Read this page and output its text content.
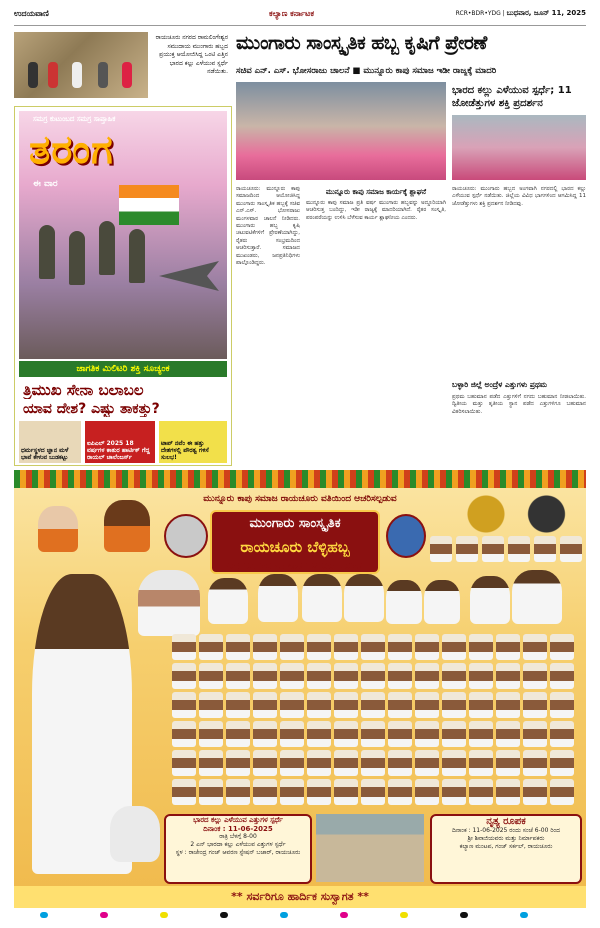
ಉದಯವಾಣಿ	ಕಲ್ಯಾಣ ಕರ್ನಾಟಕ	RCR•BDR•YDG | ಬುಧವಾರ, ಜೂನ್ 11, 2025
ರಾಯಚೂರು ನಗರದ ರಾಮಲಿಂಗೇಶ್ವರ ಸಮುದಾಯ ಮುಂಗಾರು ಹಬ್ಬದ ಪ್ರಯುಕ್ತ ಆಯೋಜಿಸಿದ್ದ ಒಂಟಿ ಎತ್ತಿನ ಭಾರದ ಕಲ್ಲು ಎಳೆಯುವ ಸ್ಪರ್ಧೆ ನಡೆಯಿತು.
ಮುಂಗಾರು ಸಾಂಸ್ಕೃತಿಕ ಹಬ್ಬ ಕೃಷಿಗೆ ಪ್ರೇರಣೆ
ಸಚಿವ ಎನ್. ಎಸ್. ಭೋಸರಾಜು ಚಾಲನೆ ■ ಮುನ್ನೂರು ಕಾಪು ಸಮಾಜ ಇಡೀ ರಾಜ್ಯಕ್ಕೆ ಮಾದರಿ
ಭಾರದ ಕಲ್ಲು ಎಳೆಯುವ ಸ್ಪರ್ಧೆ; 11 ಜೋಡೆತ್ತುಗಳ ಶಕ್ತಿ ಪ್ರದರ್ಶನ
ರಾಯಚೂರು: ಮುನ್ನೂರು ಕಾಪು ಸಮಾಜದಿಂದ ಆಯೋಜಿಸಿದ್ದ ಮುಂಗಾರು ಸಾಂಸ್ಕೃತಿಕ ಹಬ್ಬಕ್ಕೆ ಸಚಿವ ಎನ್.ಎಸ್. ಭೋಸರಾಜು ಮಂಗಳವಾರ ಚಾಲನೆ ನೀಡಿದರು. ಮುಂಗಾರು ಹಬ್ಬ ಕೃಷಿ ಚಟುವಟಿಕೆಗಳಿಗೆ ಪ್ರೇರಣೆಯಾಗಿದ್ದು, ರೈತರು ಸಂಭ್ರಮದಿಂದ ಆಚರಿಸುತ್ತಾರೆ. ಸಮಾಜದ ಮುಖಂಡರು, ಜನಪ್ರತಿನಿಧಿಗಳು ಪಾಲ್ಗೊಂಡಿದ್ದರು.
ಮುನ್ನೂರು ಕಾಪು ಸಮಾಜ ಕಾರ್ಯಕ್ಕೆ ಶ್ಲಾಘನೆ
ಮುನ್ನೂರು ಕಾಪು ಸಮಾಜ ಪ್ರತಿ ವರ್ಷ ಮುಂಗಾರು ಹಬ್ಬವನ್ನು ಅದ್ದೂರಿಯಾಗಿ ಆಚರಿಸುತ್ತ ಬಂದಿದ್ದು, ಇಡೀ ರಾಜ್ಯಕ್ಕೆ ಮಾದರಿಯಾಗಿದೆ. ರೈತರ ಸಂಸ್ಕೃತಿ, ಪರಂಪರೆಯನ್ನು ಉಳಿಸಿ ಬೆಳೆಸುವ ಕಾರ್ಯ ಶ್ಲಾಘನೀಯ ಎಂದರು.
ರಾಯಚೂರು: ಮುಂಗಾರು ಹಬ್ಬದ ಅಂಗವಾಗಿ ನಗರದಲ್ಲಿ ಭಾರದ ಕಲ್ಲು ಎಳೆಯುವ ಸ್ಪರ್ಧೆ ನಡೆಯಿತು. ಜಿಲ್ಲೆಯ ವಿವಿಧ ಭಾಗಗಳಿಂದ ಆಗಮಿಸಿದ್ದ 11 ಜೋಡೆತ್ತುಗಳು ಶಕ್ತಿ ಪ್ರದರ್ಶನ ನೀಡಿದವು.
ಬಳ್ಳಾರಿ ಜಿಲ್ಲೆ ಅಂದ್ರೆಳ ಎತ್ತುಗಳು ಪ್ರಥಮ
ಪ್ರಥಮ ಬಹುಮಾನ ಪಡೆದ ಎತ್ತುಗಳಿಗೆ ನಗದು ಬಹುಮಾನ ನೀಡಲಾಯಿತು. ದ್ವಿತೀಯ ಮತ್ತು ತೃತೀಯ ಸ್ಥಾನ ಪಡೆದ ಎತ್ತುಗಳಿಗೂ ಬಹುಮಾನ ವಿತರಿಸಲಾಯಿತು.
ಸಮಗ್ರ ಕುಟುಂಬದ ಸಮಗ್ರ ಸಾಪ್ತಾಹಿಕ
ತರಂಗ
ಈ ವಾರ
ಜಾಗತಿಕ ಮಿಲಿಟರಿ ಶಕ್ತಿ ಸೂಚ್ಯಂಕ
ತ್ರಿಮುಖ ಸೇನಾ ಬಲಾಬಲ
ಯಾವ ದೇಶ? ಎಷ್ಟು ತಾಕತ್ತು?
ಧರ್ಮಸ್ಥಳದ ಜ್ಞಾನ ಮಳೆ ಭಾಪೆ ಕೇಳುವ ಬುಡಕಟ್ಟು
ಐಪಿಎಲ್ 2025 18 ವರ್ಷಗಳ ಕಾತುರ ಹಾರ್ಟಿಕ್ ಗೆದ್ದ ರಾಯಲ್ ಚಾಲೆಂಜರ್ಸ್
ಟಾಪ್ ನವೆಂ ಈ ಹತ್ತು ದೇಶಗಳಲ್ಲಿ ಪೌರತ್ವ ಗಳಿಸೆ ಸುಲಭ!
ಮುನ್ನೂರು ಕಾಪು ಸಮಾಜ ರಾಯಚೂರು ವತಿಯಿಂದ ಆಚರಿಸಲ್ಪಡುವ
ಮುಂಗಾರು ಸಾಂಸ್ಕೃತಿಕ
ರಾಯಚೂರು ಬೆಳ್ಳಿಹಬ್ಬ
08-06-2025 ರಿಂದ 12-06-2025
ಭಾರದ ಕಲ್ಲು ಎಳೆಯುವ ಎತ್ತುಗಳ ಸ್ಪರ್ಧೆ
ದಿನಾಂಕ : 11-06-2025
ರಾತ್ರಿ ಬೆಳಗ್ಗೆ 8-00
2 ಎನ್ ಭಾರದಾ ಕಲ್ಲು ಎಳೆಯುವ ಎತ್ತುಗಳ ಸ್ಪರ್ಧೆ
ಸ್ಥಳ : ರಾಜೇಂದ್ರ ಗಂಜ್ ಆವರಣ ಸ್ಟೇಷನ್ ಬಜಾರ್, ರಾಯಚೂರು
ನೃತ್ಯ ರೂಪಕ
ದಿನಾಂಕ : 11-06-2025 ರಂದು ಸಂಜೆ 6-00 ರಿಂದ
ಶ್ರೀ ಶಿವಾಜಿಯವರು ಮತ್ತು ನಿರ್ಮಾಪಕರು
ಕಲ್ಯಾಣ ಮಂಟಪ, ಗಂಜ್ ಸರ್ಕಲ್, ರಾಯಚೂರು
** ಸರ್ವರಿಗೂ ಹಾರ್ದಿಕ ಸುಸ್ವಾಗತ **
